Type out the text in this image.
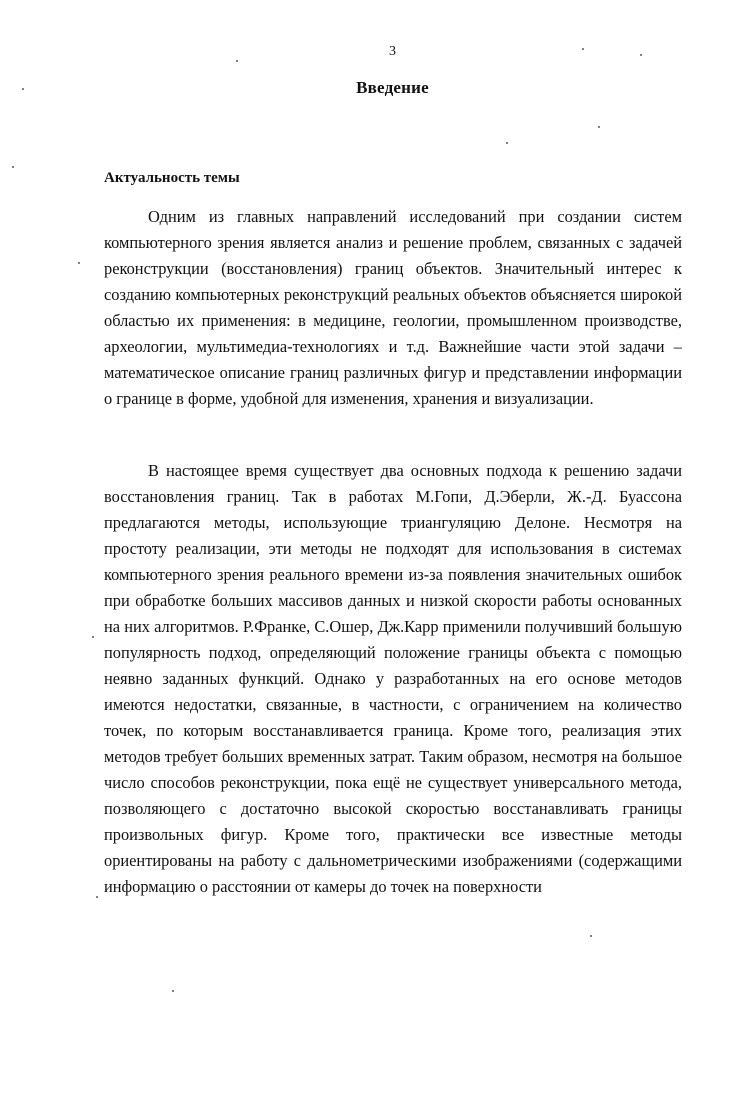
3
Введение
Актуальность темы

Одним из главных направлений исследований при создании систем компьютерного зрения является анализ и решение проблем, связанных с задачей реконструкции (восстановления) границ объектов. Значительный интерес к созданию компьютерных реконструкций реальных объектов объясняется широкой областью их применения: в медицине, геологии, промышленном производстве, археологии, мультимедиа-технологиях и т.д. Важнейшие части этой задачи – математическое описание границ различных фигур и представлении информации о границе в форме, удобной для изменения, хранения и визуализации.

В настоящее время существует два основных подхода к решению задачи восстановления границ. Так в работах М.Гопи, Д.Эберли, Ж.-Д. Буассона предлагаются методы, использующие триангуляцию Делоне. Несмотря на простоту реализации, эти методы не подходят для использования в системах компьютерного зрения реального времени из-за появления значительных ошибок при обработке больших массивов данных и низкой скорости работы основанных на них алгоритмов. Р.Франке, С.Ошер, Дж.Карр применили получивший большую популярность подход, определяющий положение границы объекта с помощью неявно заданных функций. Однако у разработанных на его основе методов имеются недостатки, связанные, в частности, с ограничением на количество точек, по которым восстанавливается граница. Кроме того, реализация этих методов требует больших временных затрат. Таким образом, несмотря на большое число способов реконструкции, пока ещё не существует универсального метода, позволяющего с достаточно высокой скоростью восстанавливать границы произвольных фигур. Кроме того, практически все известные методы ориентированы на работу с дальнометрическими изображениями (содержащими информацию о расстоянии от камеры до точек на поверхности
